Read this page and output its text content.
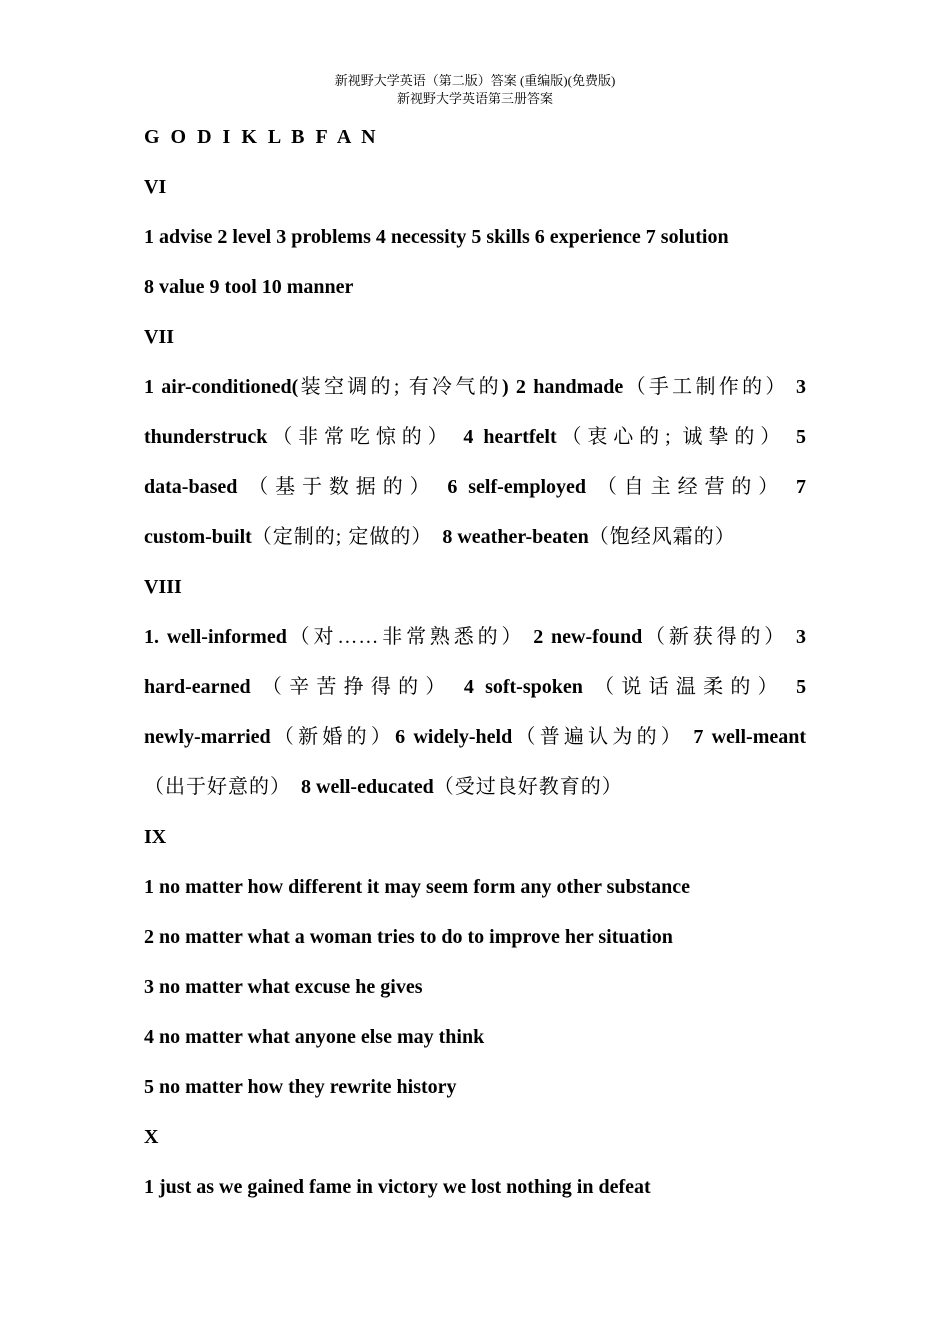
新视野大学英语（第二版）答案 (重编版)(免费版)
新视野大学英语第三册答案
G O D I K L B F A N
VI
1 advise 2 level 3 problems 4 necessity 5 skills 6 experience 7 solution
8 value 9 tool 10 manner
VII
1 air-conditioned(装空调的; 有冷气的) 2 handmade（手工制作的） 3
thunderstruck（非常吃惊的） 4 heartfelt（衷心的; 诚挚的） 5
data-based （基于数据的） 6 self-employed （自主经营的） 7
custom-built（定制的; 定做的） 8 weather-beaten（饱经风霜的）
VIII
1. well-informed（对……非常熟悉的） 2 new-found（新获得的） 3
hard-earned （辛苦挣得的） 4 soft-spoken （说话温柔的） 5
newly-married（新婚的）6 widely-held（普遍认为的） 7 well-meant
（出于好意的） 8 well-educated（受过良好教育的）
IX
1 no matter how different it may seem form any other substance
2 no matter what a woman tries to do to improve her situation
3 no matter what excuse he gives
4 no matter what anyone else may think
5 no matter how they rewrite history
X
1 just as we gained fame in victory we lost nothing in defeat
